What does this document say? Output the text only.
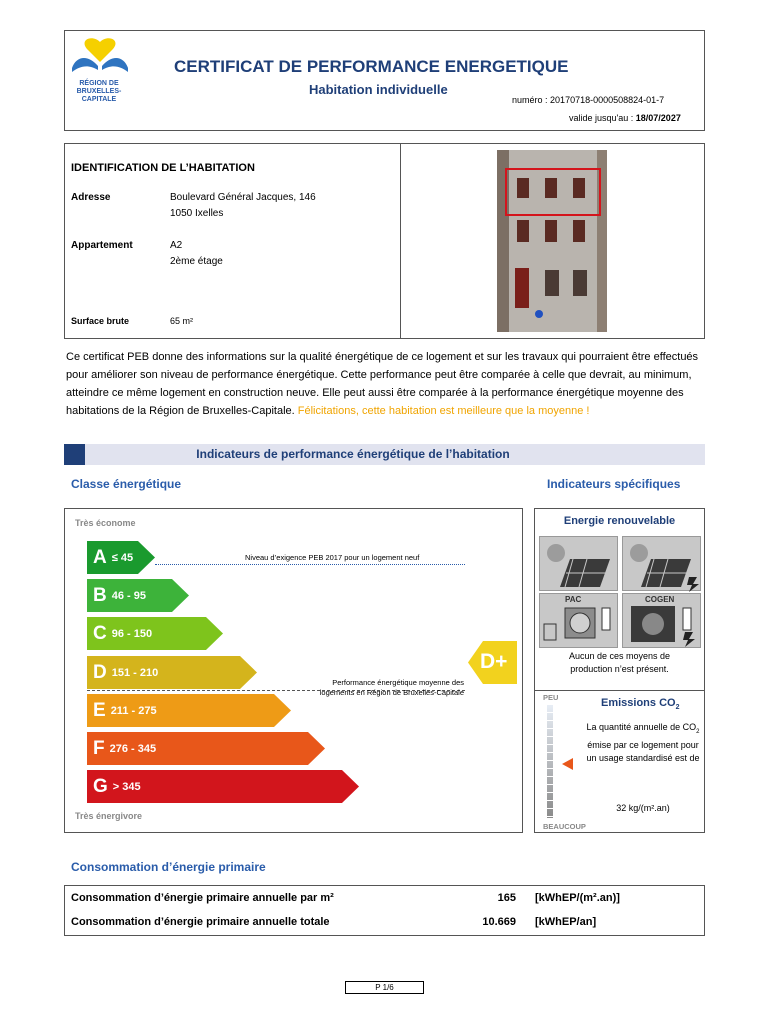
RÉGION DE BRUXELLES-CAPITALE
CERTIFICAT DE PERFORMANCE ENERGETIQUE
Habitation individuelle
numéro : 20170718-0000508824-01-7
valide jusqu'au : 18/07/2027
IDENTIFICATION DE L’HABITATION
Adresse	Boulevard Général Jacques, 146
1050 Ixelles
Appartement	A2
2ème étage
Surface brute	65 m²
Ce certificat PEB donne des informations sur la qualité énergétique de ce logement et sur les travaux qui pourraient être effectués pour améliorer son niveau de performance énergétique. Cette performance peut être comparée à celle que devrait, au minimum, atteindre ce même logement en construction neuve. Elle peut aussi être comparée à la performance énergétique moyenne des habitations de la Région de Bruxelles-Capitale. Félicitations, cette habitation est meilleure que la moyenne !
Indicateurs de performance énergétique de l’habitation
Classe énergétique	Indicateurs spécifiques
Très économe
Très énergivore
A ≤ 45
B 46 - 95
C 96 - 150
D 151 - 210
E 211 - 275
F 276 - 345
G > 345
Niveau d’exigence PEB 2017 pour un logement neuf
Performance énergétique moyenne des
logements en Région de Bruxelles-Capitale
D+
Energie renouvelable
PAC	COGEN
Aucun de ces moyens de production n’est présent.
Emissions $CO_2$
PEU
BEAUCOUP
La quantité annuelle de $CO_2$ émise par ce logement pour un usage standardisé est de
32 kg/(m².an)
Consommation d’énergie primaire
Consommation d’énergie primaire annuelle par m²	165 [kWhEP/(m².an)]
Consommation d’énergie primaire annuelle totale	10.669 [kWhEP/an]
P 1/6
